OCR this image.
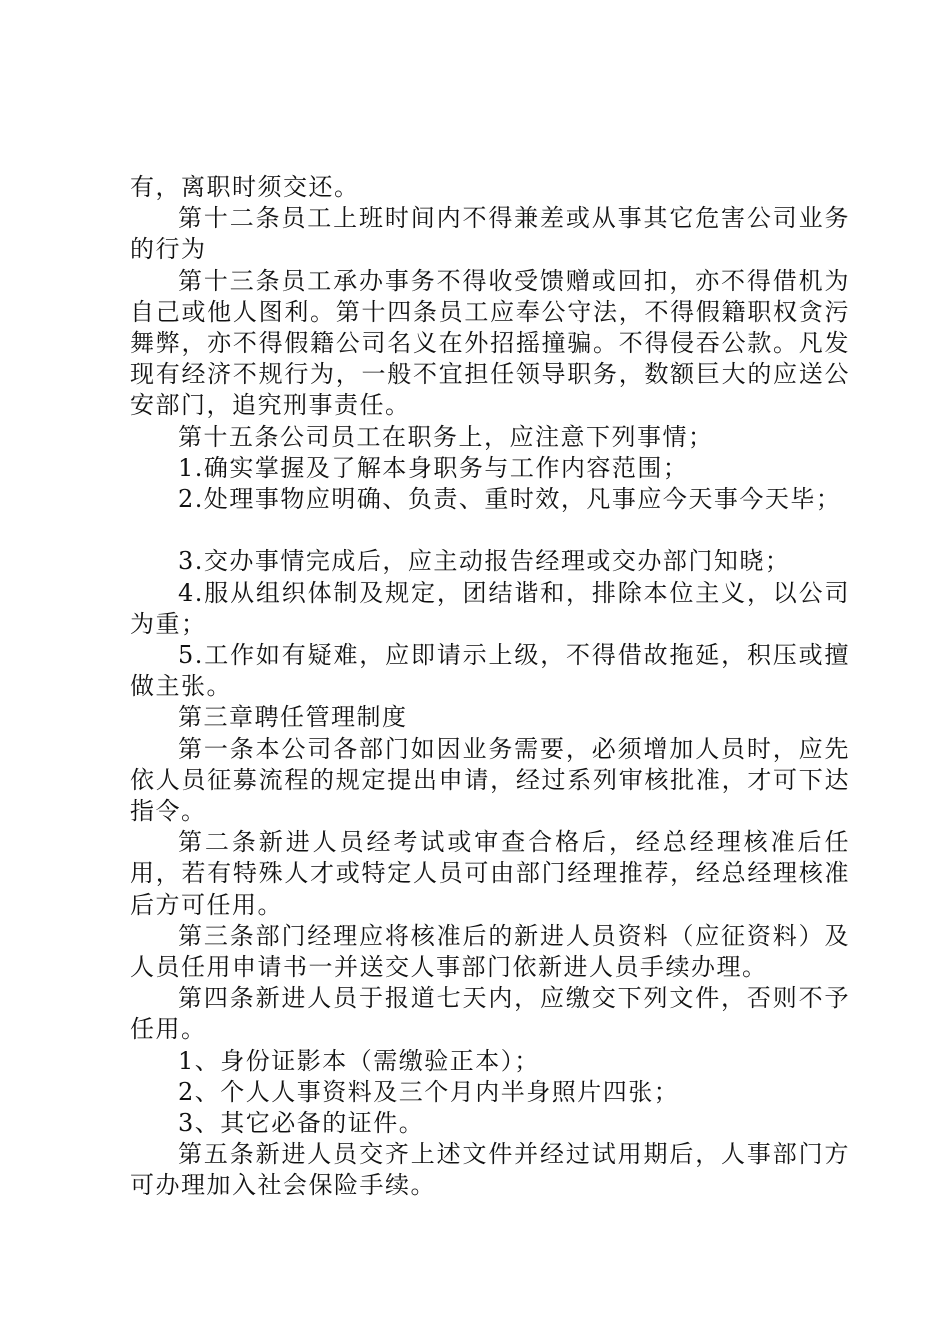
有，离职时须交还。

第十二条员工上班时间内不得兼差或从事其它危害公司业务的行为

第十三条员工承办事务不得收受馈赠或回扣，亦不得借机为自己或他人图利。第十四条员工应奉公守法，不得假籍职权贪污舞弊，亦不得假籍公司名义在外招摇撞骗。不得侵吞公款。凡发现有经济不规行为，一般不宜担任领导职务，数额巨大的应送公安部门，追究刑事责任。

第十五条公司员工在职务上，应注意下列事情；

1.确实掌握及了解本身职务与工作内容范围；

2.处理事物应明确、负责、重时效，凡事应今天事今天毕；

3.交办事情完成后，应主动报告经理或交办部门知晓；

4.服从组织体制及规定，团结谐和，排除本位主义，以公司为重；

5.工作如有疑难，应即请示上级，不得借故拖延，积压或擅做主张。

第三章聘任管理制度

第一条本公司各部门如因业务需要，必须增加人员时，应先依人员征募流程的规定提出申请，经过系列审核批准，才可下达指令。

第二条新进人员经考试或审查合格后，经总经理核准后任用，若有特殊人才或特定人员可由部门经理推荐，经总经理核准后方可任用。

第三条部门经理应将核准后的新进人员资料（应征资料）及人员任用申请书一并送交人事部门依新进人员手续办理。

第四条新进人员于报道七天内，应缴交下列文件，否则不予任用。

1、身份证影本（需缴验正本）；

2、个人人事资料及三个月内半身照片四张；

3、其它必备的证件。

第五条新进人员交齐上述文件并经过试用期后，人事部门方可办理加入社会保险手续。
